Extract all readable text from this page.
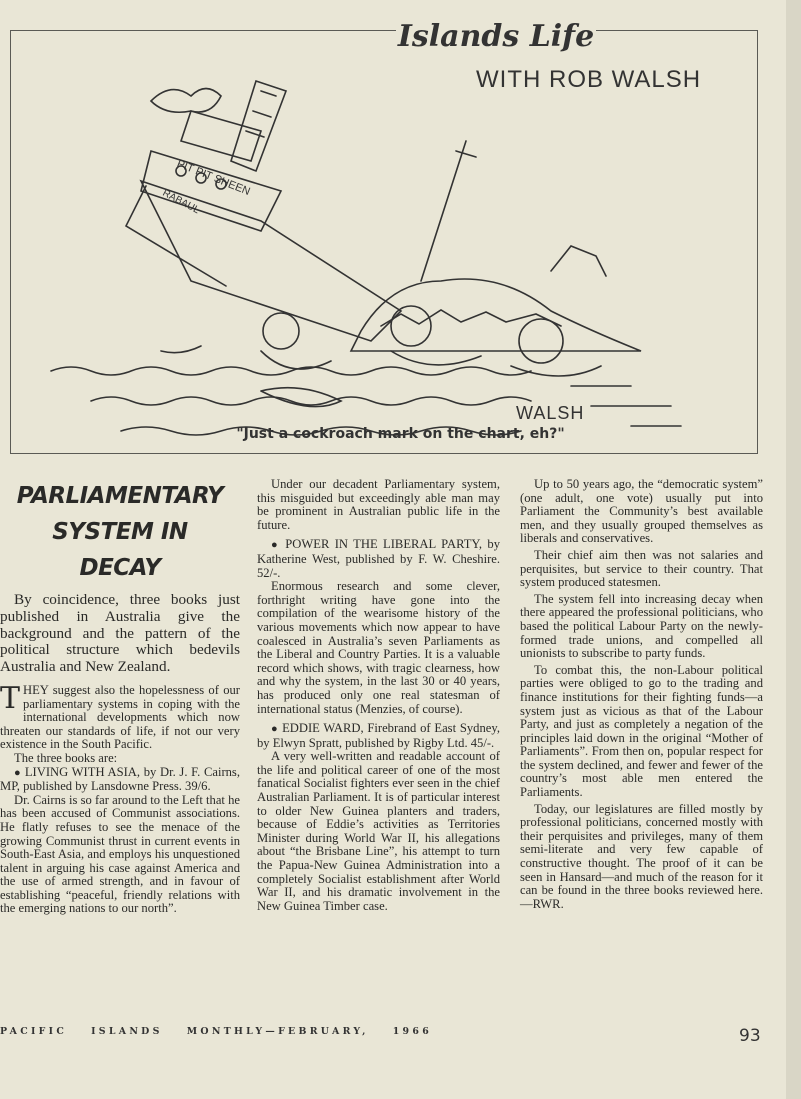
PIT PIT SHEEN
RABAUL
WALSH
Islands Life
WITH ROB WALSH
"Just a cockroach mark on the chart, eh?"
PARLIAMENTARY
SYSTEM IN
DECAY

By coincidence, three books just published in Australia give the background and the pattern of the political structure which bedevils Australia and New Zealand.

THEY suggest also the hopelessness of our parliamentary systems in coping with the international developments which now threaten our standards of life, if not our very existence in the South Pacific.

The three books are:

● LIVING WITH ASIA, by Dr. J. F. Cairns, MP, published by Lansdowne Press. 39/6.

Dr. Cairns is so far around to the Left that he has been accused of Communist associations. He flatly refuses to see the menace of the growing Communist thrust in current events in South-East Asia, and employs his unquestioned talent in arguing his case against America and the use of armed strength, and in favour of establishing “peaceful, friendly relations with the emerging nations to our north”.

Under our decadent Parliamentary system, this misguided but exceedingly able man may be prominent in Australian public life in the future.

● POWER IN THE LIBERAL PARTY, by Katherine West, published by F. W. Cheshire. 52/-.

Enormous research and some clever, forthright writing have gone into the compilation of the wearisome history of the various movements which now appear to have coalesced in Australia’s seven Parliaments as the Liberal and Country Parties. It is a valuable record which shows, with tragic clearness, how and why the system, in the last 30 or 40 years, has produced only one real statesman of international status (Menzies, of course).

● EDDIE WARD, Firebrand of East Sydney, by Elwyn Spratt, published by Rigby Ltd. 45/-.

A very well-written and readable account of the life and political career of one of the most fanatical Socialist fighters ever seen in the chief Australian Parliament. It is of particular interest to older New Guinea planters and traders, because of Eddie’s activities as Territories Minister during World War II, his allegations about “the Brisbane Line”, his attempt to turn the Papua-New Guinea Administration into a completely Socialist establishment after World War II, and his dramatic involvement in the New Guinea Timber case.

Up to 50 years ago, the “democratic system” (one adult, one vote) usually put into Parliament the Community’s best available men, and they usually grouped themselves as liberals and conservatives.

Their chief aim then was not salaries and perquisites, but service to their country. That system produced statesmen.

The system fell into increasing decay when there appeared the professional politicians, who based the political Labour Party on the newly-formed trade unions, and compelled all unionists to subscribe to party funds.

To combat this, the non-Labour political parties were obliged to go to the trading and finance institutions for their fighting funds—a system just as vicious as that of the Labour Party, and just as completely a negation of the principles laid down in the original “Mother of Parliaments”. From then on, popular respect for the system declined, and fewer and fewer of the country’s most able men entered the Parliaments.

Today, our legislatures are filled mostly by professional politicians, concerned mostly with their perquisites and privileges, many of them semi-literate and very few capable of constructive thought. The proof of it can be seen in Hansard—and much of the reason for it can be found in the three books reviewed here.—RWR.

PACIFIC	ISLANDS	MONTHLY—FEBRUARY,	1966	93
